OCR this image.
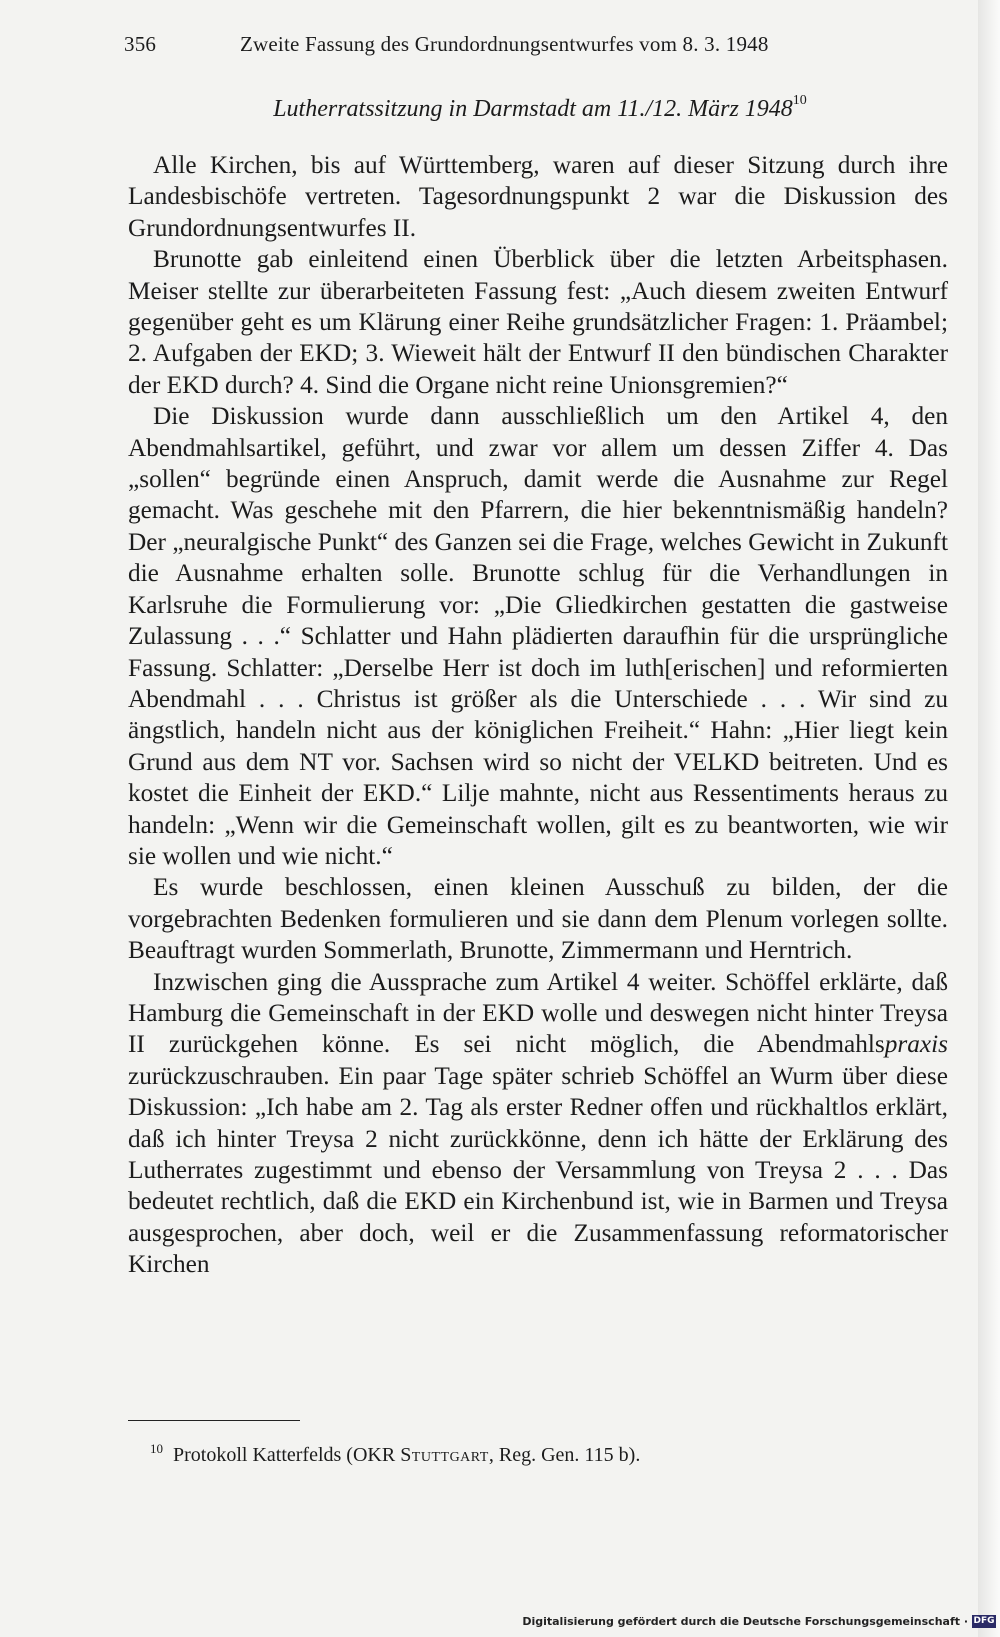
356	Zweite Fassung des Grundordnungsentwurfes vom 8. 3. 1948
Lutherratssitzung in Darmstadt am 11./12. März 1948$^{10}$

Alle Kirchen, bis auf Württemberg, waren auf dieser Sitzung durch ihre Landesbischöfe vertreten. Tagesordnungspunkt 2 war die Diskussion des Grundordnungsentwurfes II.

Brunotte gab einleitend einen Überblick über die letzten Arbeitsphasen. Meiser stellte zur überarbeiteten Fassung fest: „Auch diesem zweiten Entwurf gegenüber geht es um Klärung einer Reihe grundsätzlicher Fragen: 1. Präambel; 2. Aufgaben der EKD; 3. Wieweit hält der Entwurf II den bündischen Charakter der EKD durch? 4. Sind die Organe nicht reine Unionsgremien?“

Die Diskussion wurde dann ausschließlich um den Artikel 4, den Abendmahlsartikel, geführt, und zwar vor allem um dessen Ziffer 4. Das „sollen“ begründe einen Anspruch, damit werde die Ausnahme zur Regel gemacht. Was geschehe mit den Pfarrern, die hier bekenntnismäßig handeln? Der „neuralgische Punkt“ des Ganzen sei die Frage, welches Gewicht in Zukunft die Ausnahme erhalten solle. Brunotte schlug für die Verhandlungen in Karlsruhe die Formulierung vor: „Die Gliedkirchen gestatten die gastweise Zulassung . . .“ Schlatter und Hahn plädierten daraufhin für die ursprüngliche Fassung. Schlatter: „Derselbe Herr ist doch im luth[erischen] und reformierten Abendmahl . . . Christus ist größer als die Unterschiede . . . Wir sind zu ängstlich, handeln nicht aus der königlichen Freiheit.“ Hahn: „Hier liegt kein Grund aus dem NT vor. Sachsen wird so nicht der VELKD beitreten. Und es kostet die Einheit der EKD.“ Lilje mahnte, nicht aus Ressentiments heraus zu handeln: „Wenn wir die Gemeinschaft wollen, gilt es zu beantworten, wie wir sie wollen und wie nicht.“

Es wurde beschlossen, einen kleinen Ausschuß zu bilden, der die vorgebrachten Bedenken formulieren und sie dann dem Plenum vorlegen sollte. Beauftragt wurden Sommerlath, Brunotte, Zimmermann und Herntrich.

Inzwischen ging die Aussprache zum Artikel 4 weiter. Schöffel erklärte, daß Hamburg die Gemeinschaft in der EKD wolle und deswegen nicht hinter Treysa II zurückgehen könne. Es sei nicht möglich, die Abendmahlspraxis zurückzuschrauben. Ein paar Tage später schrieb Schöffel an Wurm über diese Diskussion: „Ich habe am 2. Tag als erster Redner offen und rückhaltlos erklärt, daß ich hinter Treysa 2 nicht zurückkönne, denn ich hätte der Erklärung des Lutherrates zugestimmt und ebenso der Versammlung von Treysa 2 . . . Das bedeutet rechtlich, daß die EKD ein Kirchenbund ist, wie in Barmen und Treysa ausgesprochen, aber doch, weil er die Zusammenfassung reformatorischer Kirchen

$^{10}$ Protokoll Katterfelds (OKR Stuttgart, Reg. Gen. 115 b).
Digitalisierung gefördert durch die Deutsche Forschungsgemeinschaft · DFG
